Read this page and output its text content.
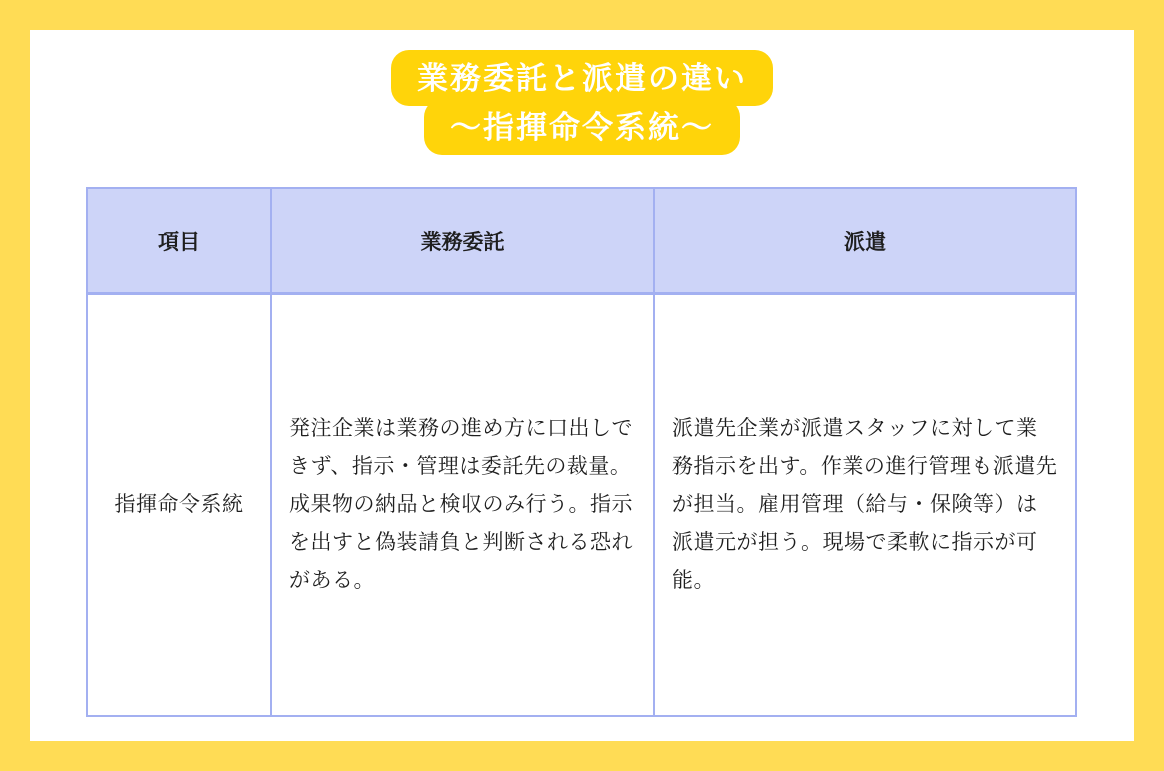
業務委託と派遣の違い
～指揮命令系統～
項目	業務委託	派遣
指揮命令系統
発注企業は業務の進め方に口出しできず、指示・管理は委託先の裁量。成果物の納品と検収のみ行う。指示を出すと偽装請負と判断される恐れがある。
派遣先企業が派遣スタッフに対して業務指示を出す。作業の進行管理も派遣先が担当。雇用管理（給与・保険等）は派遣元が担う。現場で柔軟に指示が可能。
